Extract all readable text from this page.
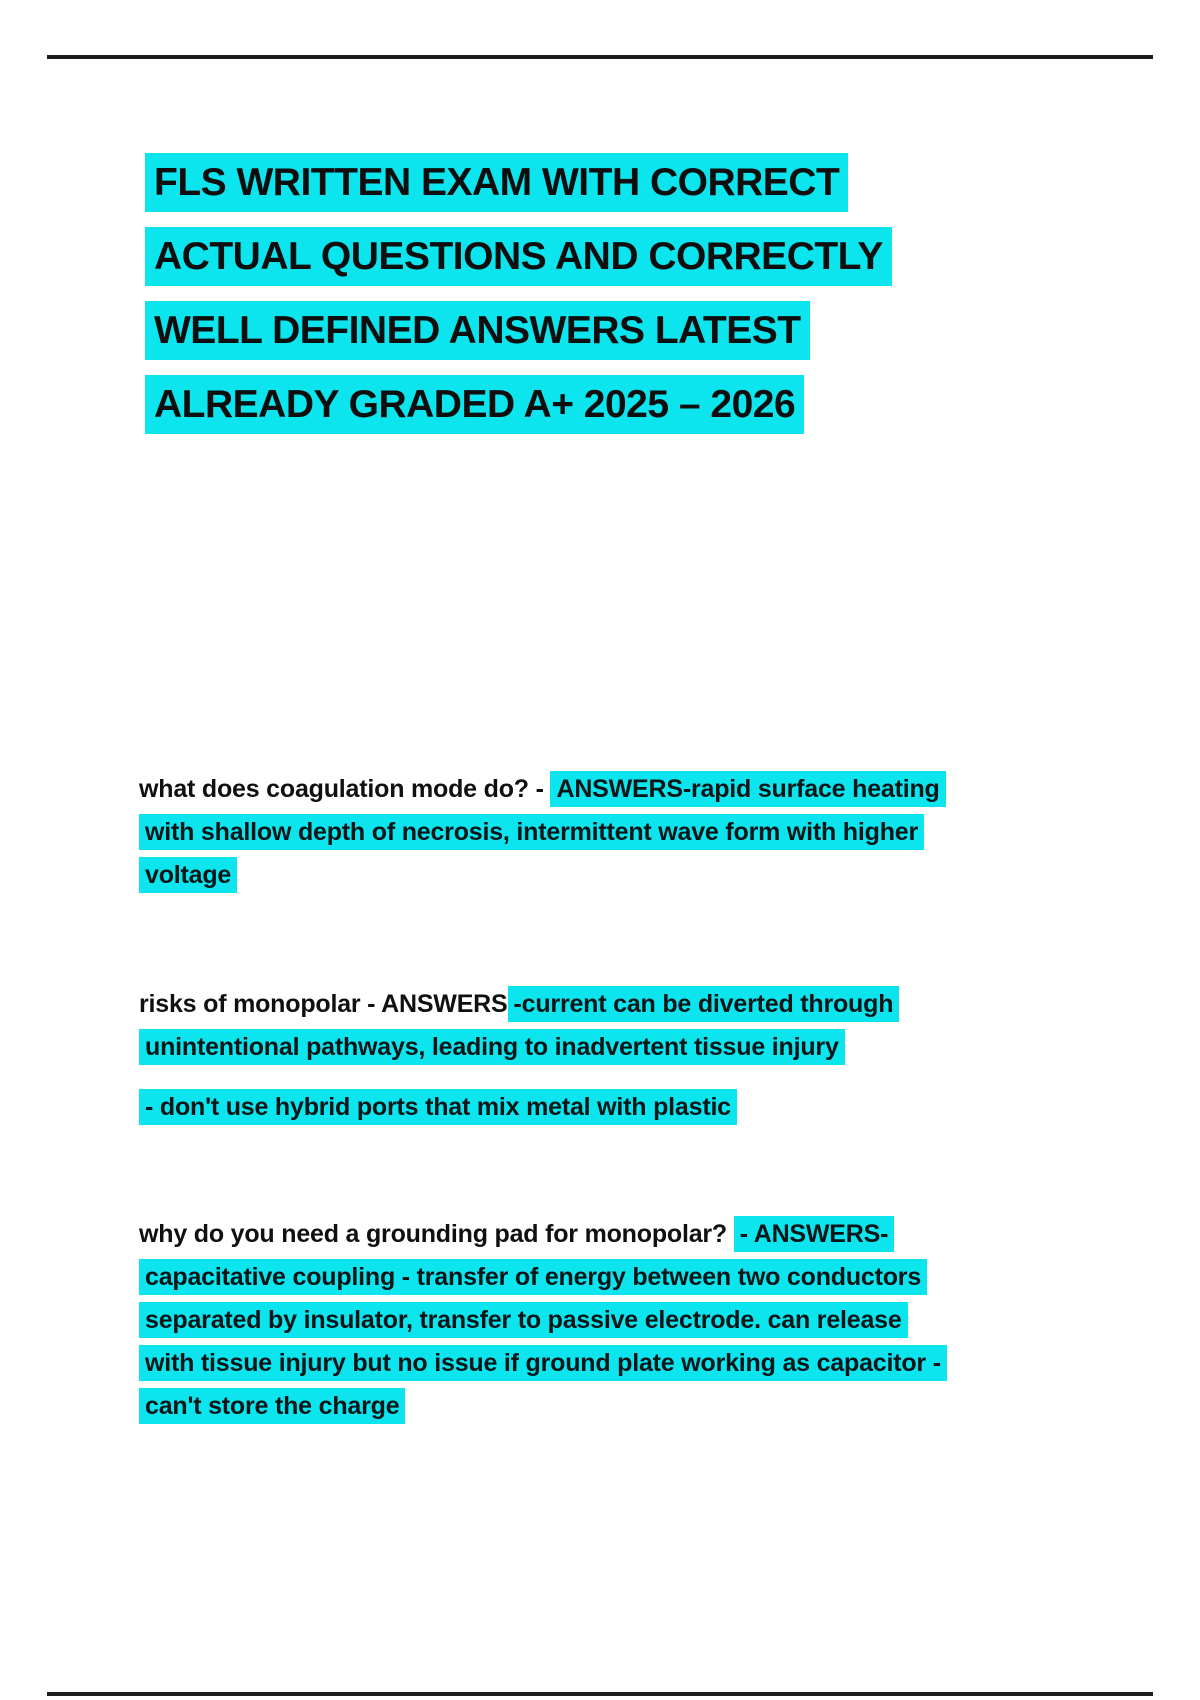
FLS WRITTEN EXAM WITH CORRECT
ACTUAL QUESTIONS AND CORRECTLY
WELL DEFINED ANSWERS LATEST
ALREADY GRADED A+ 2025 – 2026
what does coagulation mode do? - ANSWERS-rapid surface heating
with shallow depth of necrosis, intermittent wave form with higher
voltage
risks of monopolar - ANSWERS -current can be diverted through
unintentional pathways, leading to inadvertent tissue injury
- don't use hybrid ports that mix metal with plastic
why do you need a grounding pad for monopolar? - ANSWERS-
capacitative coupling - transfer of energy between two conductors
separated by insulator, transfer to passive electrode. can release
with tissue injury but no issue if ground plate working as capacitor -
can't store the charge
